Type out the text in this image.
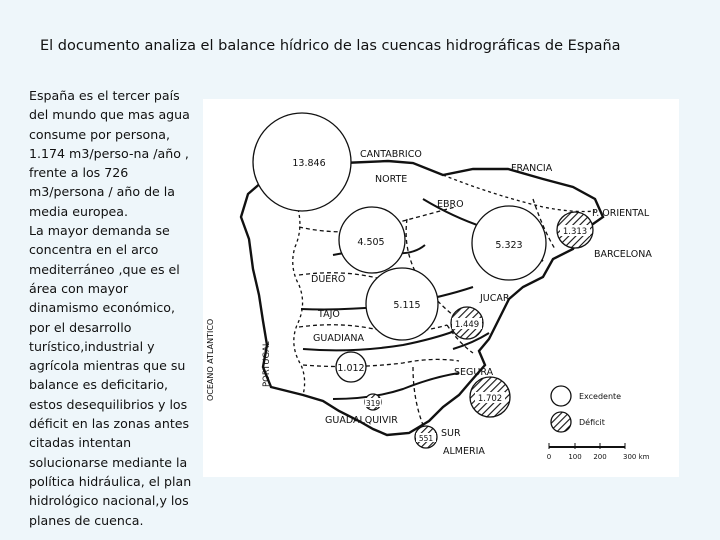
El documento analiza el balance hídrico de las cuencas hidrográficas de España

España es el tercer país del mundo que mas agua consume por persona, 1.174 m3/perso-na /año , frente a los 726 m3/persona / año de la media europea.

La mayor demanda se concentra en el arco mediterráneo ,que es el área con mayor dinamismo económico, por el desarrollo turístico,industrial y agrícola mientras que su balance es deficitario, estos desequilibrios y los déficit en las zonas antes citadas intentan solucionarse mediante la política hidráulica, el plan hidrológico nacional,y los planes de cuenca.

CANTABRICO
FRANCIA
NORTE
EBRO
P. ORIENTAL
BARCELONA
DUERO
TAJO
JUCAR
GUADIANA
SEGURA
GUADALQUIVIR
SUR
ALMERIA
PORTUGAL
OCEANO ATLANTICO
13.846
4.505	5.323
5.115
1.012
1.313
1.449
1.702
319
551
Excedente
Déficit
0 100 200 300 km
